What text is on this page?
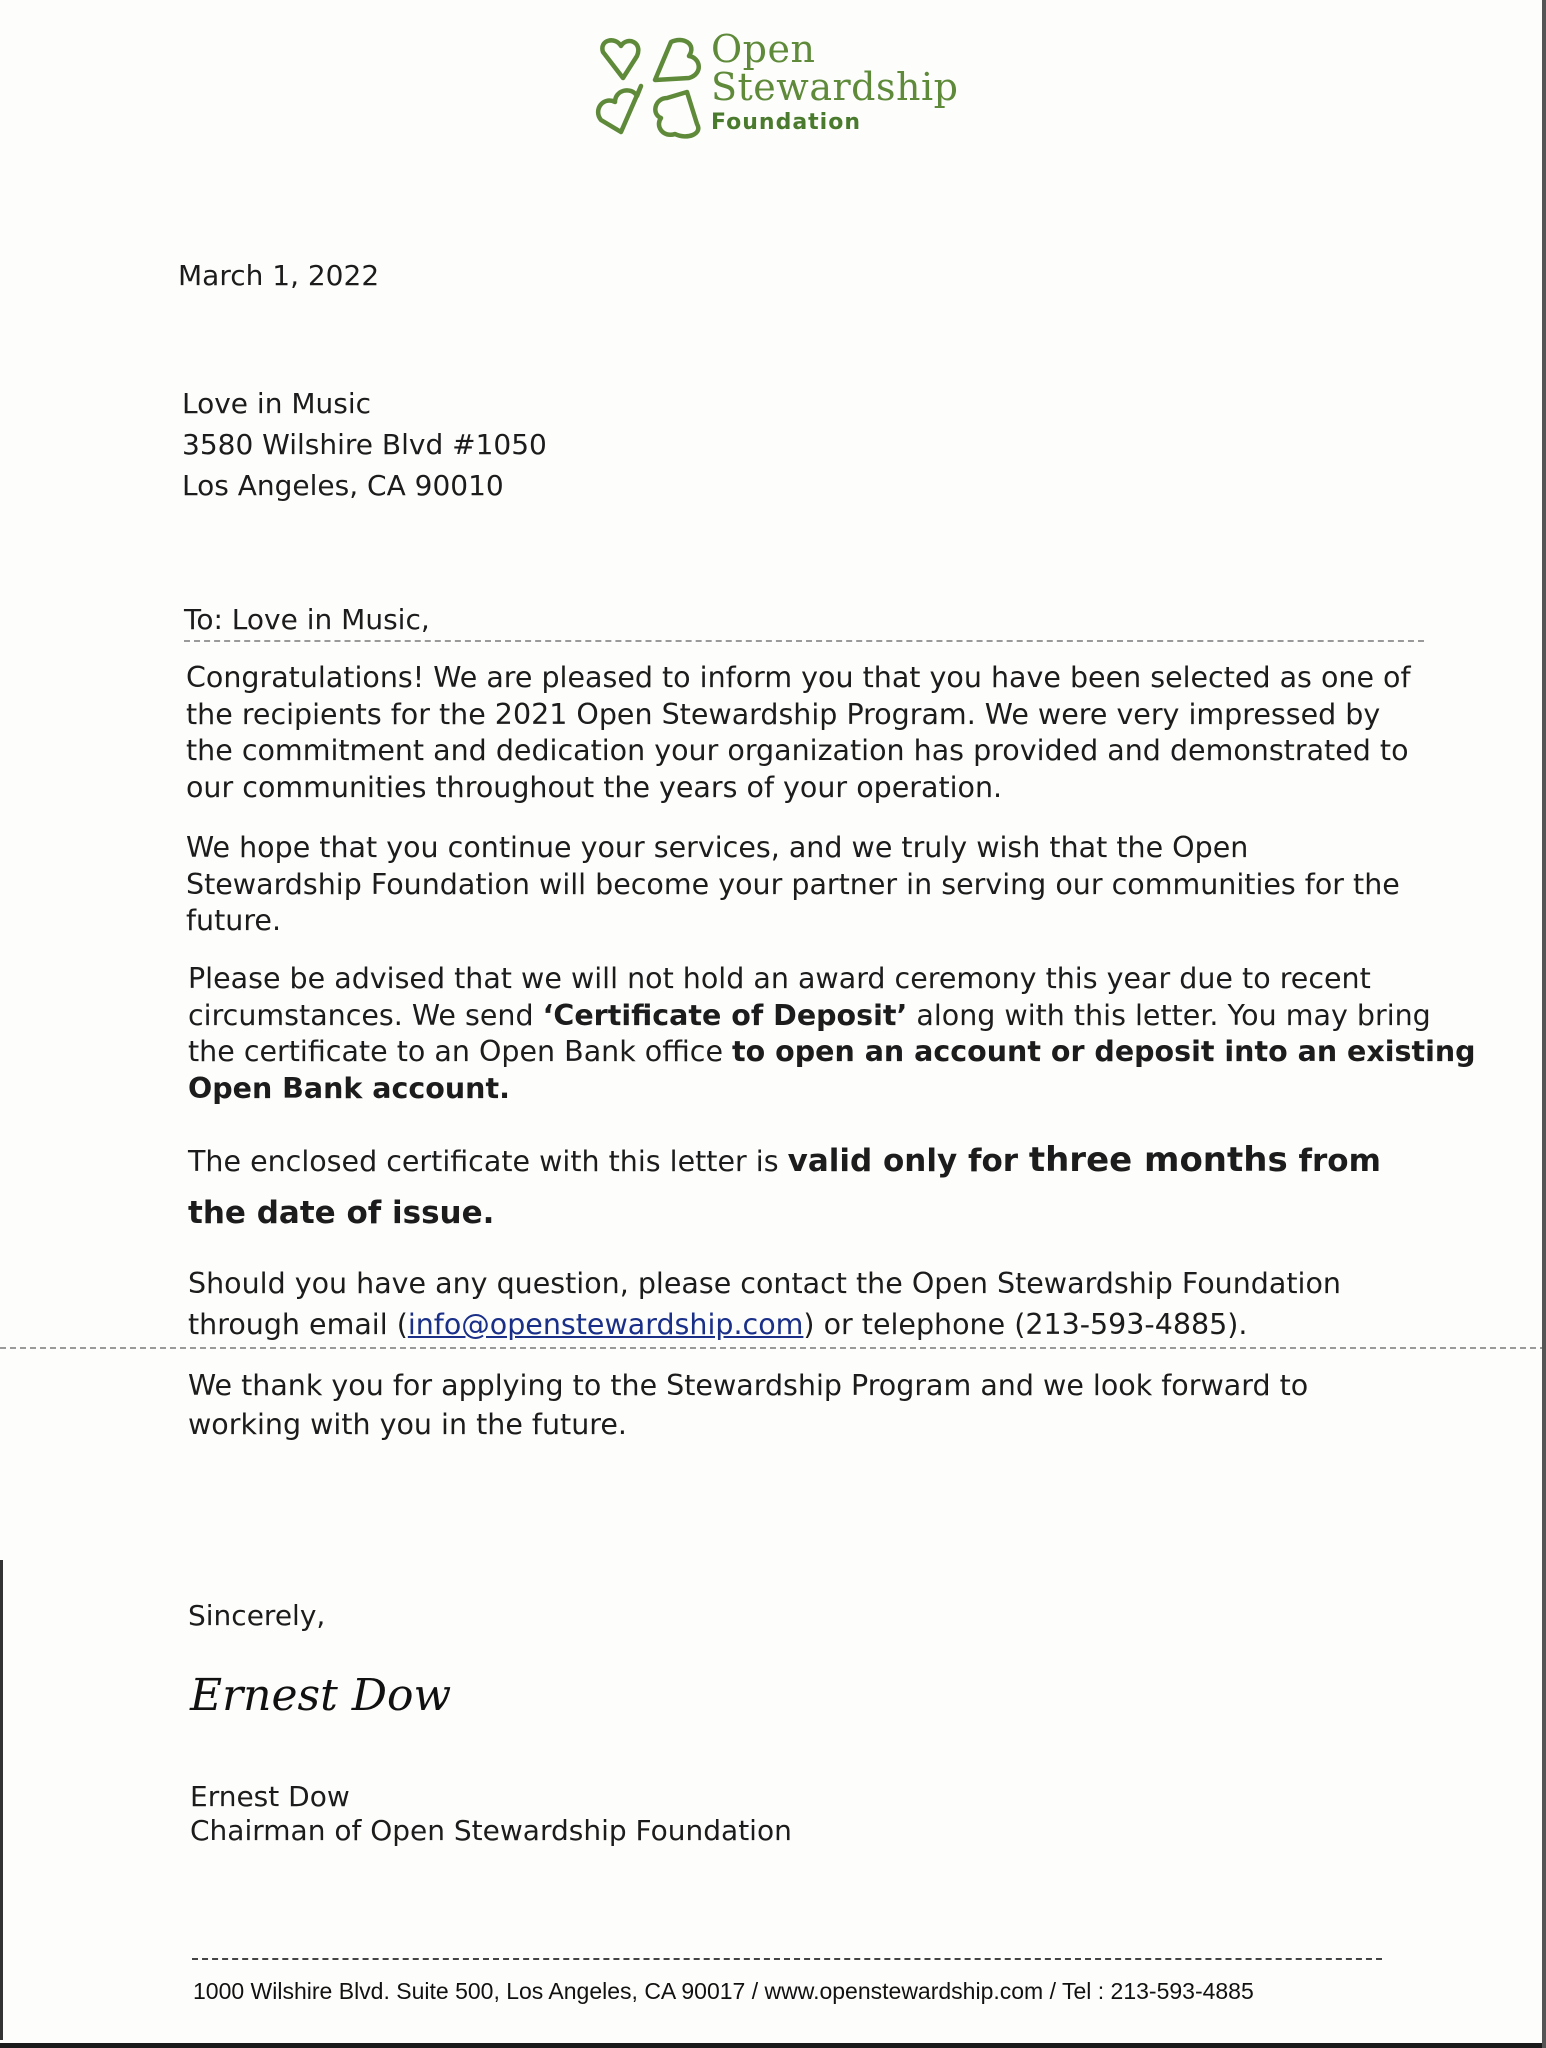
Open
Stewardship
Foundation
March 1, 2022
Love in Music
3580 Wilshire Blvd #1050
Los Angeles, CA 90010
To: Love in Music,
Congratulations! We are pleased to inform you that you have been selected as one of
the recipients for the 2021 Open Stewardship Program. We were very impressed by
the commitment and dedication your organization has provided and demonstrated to
our communities throughout the years of your operation.
We hope that you continue your services, and we truly wish that the Open
Stewardship Foundation will become your partner in serving our communities for the
future.
Please be advised that we will not hold an award ceremony this year due to recent
circumstances. We send ‘Certificate of Deposit’ along with this letter. You may bring
the certificate to an Open Bank office to open an account or deposit into an existing
Open Bank account.
The enclosed certificate with this letter is valid only for three months from
the date of issue.
Should you have any question, please contact the Open Stewardship Foundation
through email (info@openstewardship.com) or telephone (213-593-4885).
We thank you for applying to the Stewardship Program and we look forward to
working with you in the future.
Sincerely,
Ernest Dow
Ernest Dow
Chairman of Open Stewardship Foundation
1000 Wilshire Blvd. Suite 500, Los Angeles, CA 90017 / www.openstewardship.com / Tel : 213-593-4885
